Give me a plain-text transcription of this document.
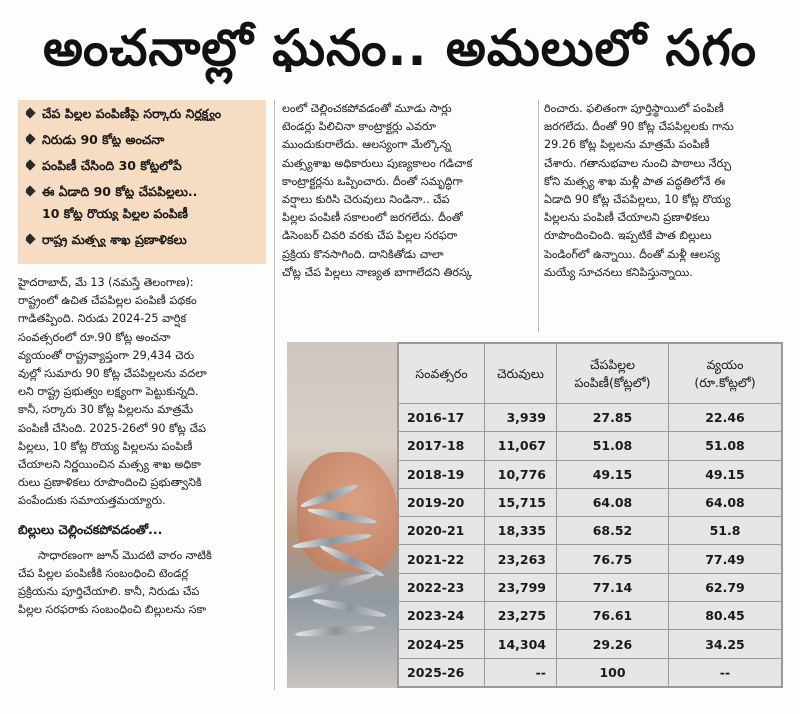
అంచనాల్లో ఘనం.. అమలులో సగం
చేప పిల్లల పంపిణీపై సర్కారు నిర్లక్ష్యం
నిరుడు 90 కోట్ల అంచనా
పంపిణీ చేసింది 30 కోట్లలోపే
ఈ ఏడాది 90 కోట్ల చేపపిల్లలు..
10 కోట్ల రొయ్య పిల్లల పంపిణీ
రాష్ట్ర మత్స్య శాఖ ప్రణాళికలు
హైదరాబాద్, మే 13 (నమస్తే తెలంగాణ):
రాష్ట్రంలో ఉచిత చేపపిల్లల పంపిణీ పథకం
గాడితప్పింది. నిరుడు 2024-25 వార్షిక
సంవత్సరంలో రూ.90 కోట్ల అంచనా
వ్యయంతో రాష్ట్రవ్యాప్తంగా 29,434 చెరు
వుల్లో సుమారు 90 కోట్ల చేపపిల్లలను వదలా
లని రాష్ట్ర ప్రభుత్వం లక్ష్యంగా పెట్టుకున్నది.
కానీ, సర్కారు 30 కోట్ల పిల్లలను మాత్రమే
పంపిణీ చేసింది. 2025-26లో 90 కోట్ల చేప
పిల్లలు, 10 కోట్ల రొయ్య పిల్లలను పంపిణీ
చేయాలని నిర్ణయించిన మత్స్య శాఖ అధికా
రులు ప్రణాళికలు రూపొందించి ప్రభుత్వానికి
పంపేందుకు సమాయత్తమయ్యారు.
బిల్లులు చెల్లించకపోవడంతో...
సాధారణంగా జూన్ మొదటి వారం నాటికి
చేప పిల్లల పంపిణీకి సంబంధించి టెండర్ల
ప్రక్రియను పూర్తిచేయాలి. కానీ, నిరుడు చేప
పిల్లల సరఫరాకు సంబంధించి బిల్లులను సకా
లంలో చెల్లించకపోవడంతో మూడు సార్లు
టెండర్లు పిలిచినా కాంట్రాక్టర్లు ఎవరూ
ముందుకురాలేదు. ఆలస్యంగా మేల్కొన్న
మత్స్యశాఖ అధికారులు పుణ్యకాలం గడిచాక
కాంట్రాక్టర్లను ఒప్పించారు. దీంతో సమృద్ధిగా
వర్షాలు కురిసి చెరువులు నిండినా.. చేప
పిల్లల పంపిణీ సకాలంలో జరగలేదు. దీంతో
డిసెంబర్ చివరి వరకు చేప పిల్లల సరఫరా
ప్రక్రియ కొనసాగింది. దానికితోడు చాలా
చోట్ల చేప పిల్లలు నాణ్యత బాగాలేదని తిరస్క
రించారు. ఫలితంగా పూర్తిస్థాయిలో పంపిణీ
జరగలేదు. దీంతో 90 కోట్ల చేపపిల్లలకు గాను
29.26 కోట్ల పిల్లలను మాత్రమే పంపిణీ
చేశారు. గతానుభవాల నుంచి పాఠాలు నేర్చు
కోని మత్స్య శాఖ మళ్లీ పాత పద్ధతిలోనే ఈ
ఏడాది 90 కోట్ల చేపపిల్లలు, 10 కోట్ల రొయ్య
పిల్లలను పంపిణీ చేయాలని ప్రణాళికలు
రూపొందించింది. ఇప్పటికే పాత బిల్లులు
పెండింగ్‌లో ఉన్నాయి. దీంతో మళ్లీ ఆలస్య
మయ్యే సూచనలు కనిపిస్తున్నాయి.
సంవత్సరం	చెరువులు	చేపపిల్లల
పంపిణీ(కోట్లలో)	వ్యయం
(రూ.కోట్లలో)
2016-17	3,939	27.85	22.46
2017-18	11,067	51.08	51.08
2018-19	10,776	49.15	49.15
2019-20	15,715	64.08	64.08
2020-21	18,335	68.52	51.8
2021-22	23,263	76.75	77.49
2022-23	23,799	77.14	62.79
2023-24	23,275	76.61	80.45
2024-25	14,304	29.26	34.25
2025-26	--	100	--
